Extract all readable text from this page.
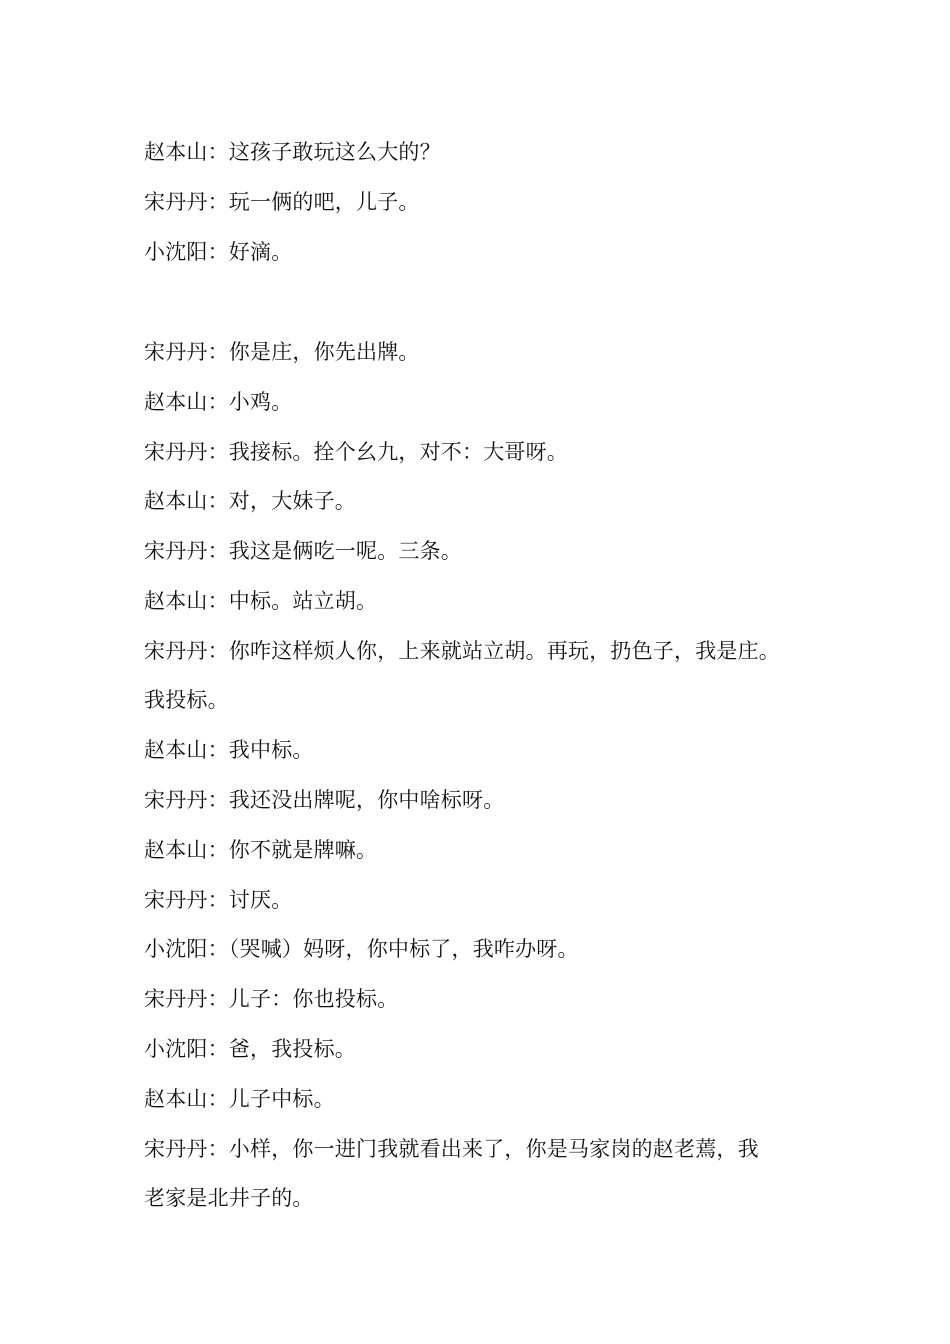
赵本山：这孩子敢玩这么大的？
宋丹丹：玩一俩的吧，儿子。
小沈阳：好滴。
宋丹丹：你是庄，你先出牌。
赵本山：小鸡。
宋丹丹：我接标。拴个幺九，对不：大哥呀。
赵本山：对，大妹子。
宋丹丹：我这是俩吃一呢。三条。
赵本山：中标。站立胡。
宋丹丹：你咋这样烦人你，上来就站立胡。再玩，扔色子，我是庄。
我投标。
赵本山：我中标。
宋丹丹：我还没出牌呢，你中啥标呀。
赵本山：你不就是牌嘛。
宋丹丹：讨厌。
小沈阳：（哭喊）妈呀，你中标了，我咋办呀。
宋丹丹：儿子：你也投标。
小沈阳：爸，我投标。
赵本山：儿子中标。
宋丹丹：小样，你一进门我就看出来了，你是马家岗的赵老蔫，我
老家是北井子的。
